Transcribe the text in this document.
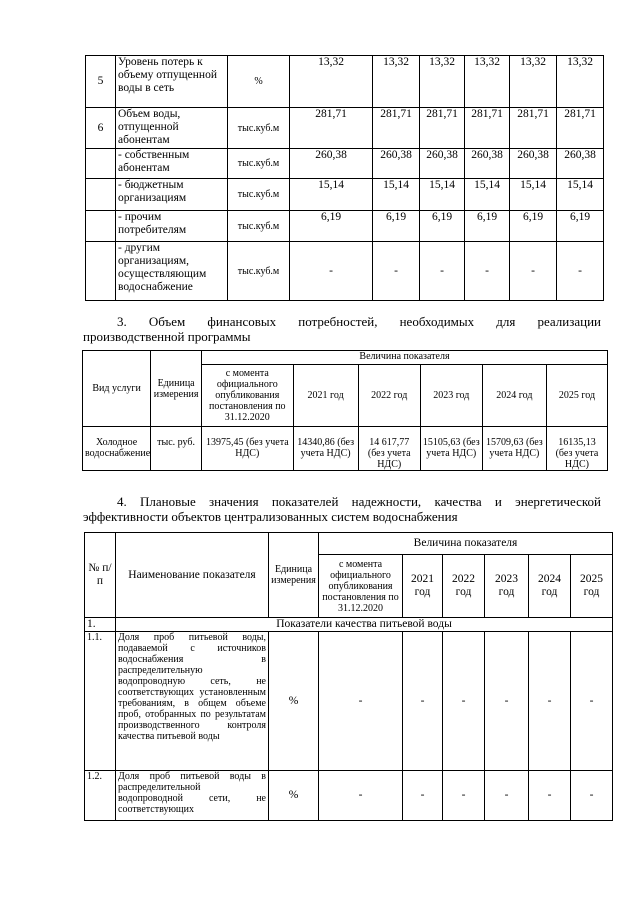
5	Уровень потерь к объему отпущенной воды в сеть	%	13,32	13,32	13,32	13,32	13,32	13,32
6	Объем воды, отпущенной абонентам	тыс.куб.м	281,71	281,71	281,71	281,71	281,71	281,71
	- собственным абонентам	тыс.куб.м	260,38	260,38	260,38	260,38	260,38	260,38
	- бюджетным организациям	тыс.куб.м	15,14	15,14	15,14	15,14	15,14	15,14
	- прочим потребителям	тыс.куб.м	6,19	6,19	6,19	6,19	6,19	6,19
	- другим организациям, осуществляющим водоснабжение	тыс.куб.м	-	-	-	-	-	-
3. Объем финансовых потребностей, необходимых для реализации
производственной программы
Вид услуги	Единица измерения	Величина показателя					
		с момента официального опубликования постановления по 31.12.2020	2021 год	2022 год	2023 год	2024 год	2025 год
Холодное водоснабжение	тыс. руб.	13975,45 (без учета НДС)	14340,86 (без учета НДС)	14 617,77 (без учета НДС)	15105,63 (без учета НДС)	15709,63 (без учета НДС)	16135,13 (без учета НДС)
4. Плановые значения показателей надежности, качества и энергетической
эффективности объектов централизованных систем водоснабжения
№ п/п	Наименование показателя	Единица измерения	Величина показателя					
			с момента официального опубликования постановления по 31.12.2020	2021 год	2022 год	2023 год	2024 год	2025 год
1.	Показатели качества питьевой воды							
1.1.	Доля проб питьевой воды, подаваемой с источников водоснабжения в распределительную водопроводную сеть, не соответствующих установленным требованиям, в общем объеме проб, отобранных по результатам производственного контроля качества питьевой воды	%	-	-	-	-	-	-
1.2.	Доля проб питьевой воды в распределительной водопроводной сети, не соответствующих	%	-	-	-	-	-	-
